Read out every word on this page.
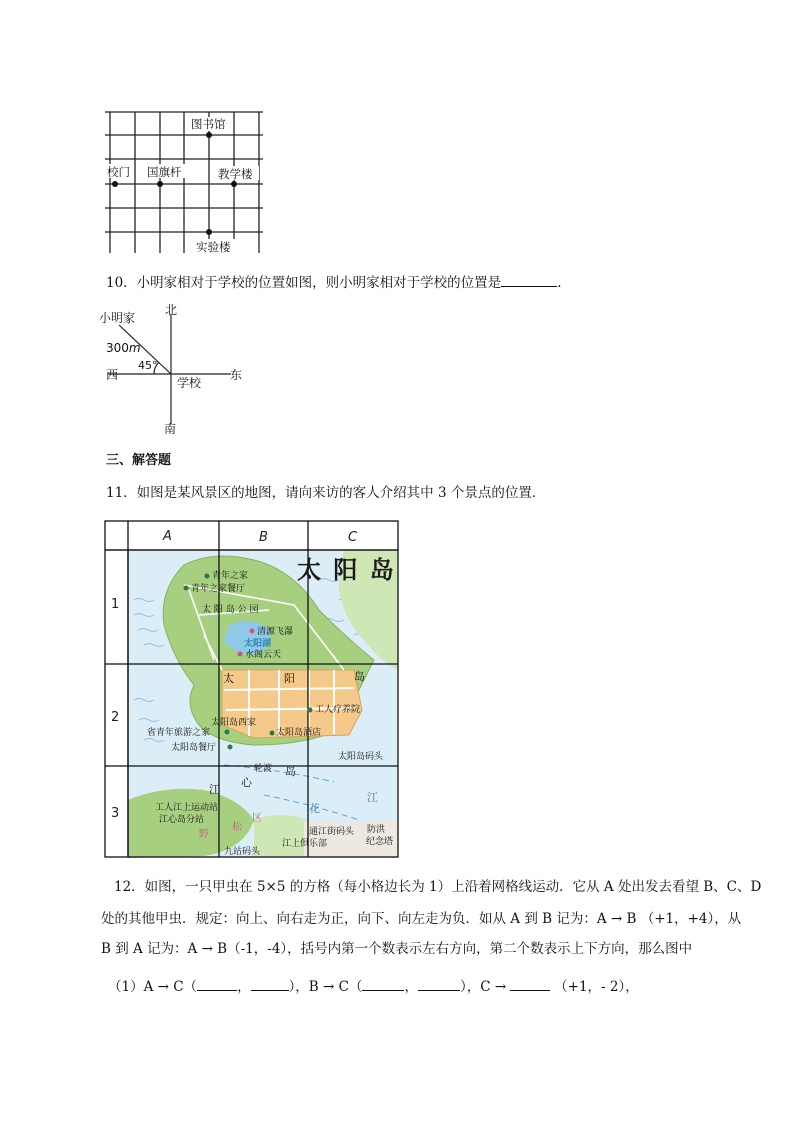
图书馆
校门 国旗杆	教学楼
实验楼
10．小明家相对于学校的位置如图，则小明家相对于学校的位置是	.
北
小明家
300m
45°
西	东
学校
南
三、解答题
11．如图是某风景区的地图，请向来访的客人介绍其中 3 个景点的位置．
A	B	C
1
2
3
太 阳 岛
青年之家
青年之家餐厅
太 阳 岛 公 园
清源飞瀑
太阳湖
水阁云天
太	阳	岛
工人疗养院
太阳岛西家
省青年旅游之家	太阳岛酒店
太阳岛餐厅
轮渡
太阳岛码头
江
心
岛
工人江上运动站
江心岛分站
野
松
区
花
江
通江街码头 防洪
纪念塔
江上俱乐部
九站码头
12．如图，一只甲虫在 5×5 的方格（每小格边长为 1）上沿着网格线运动．它从 A 处出发去看望 B、C、D
处的其他甲虫．规定：向上、向右走为正，向下、向左走为负．如从 A 到 B 记为：A → B （+1，+4），从
B 到 A 记为：A → B（-1，-4），括号内第一个数表示左右方向，第二个数表示上下方向，那么图中
（1）A → C（	，	），B → C（	，	），C →	（+1，- 2），
